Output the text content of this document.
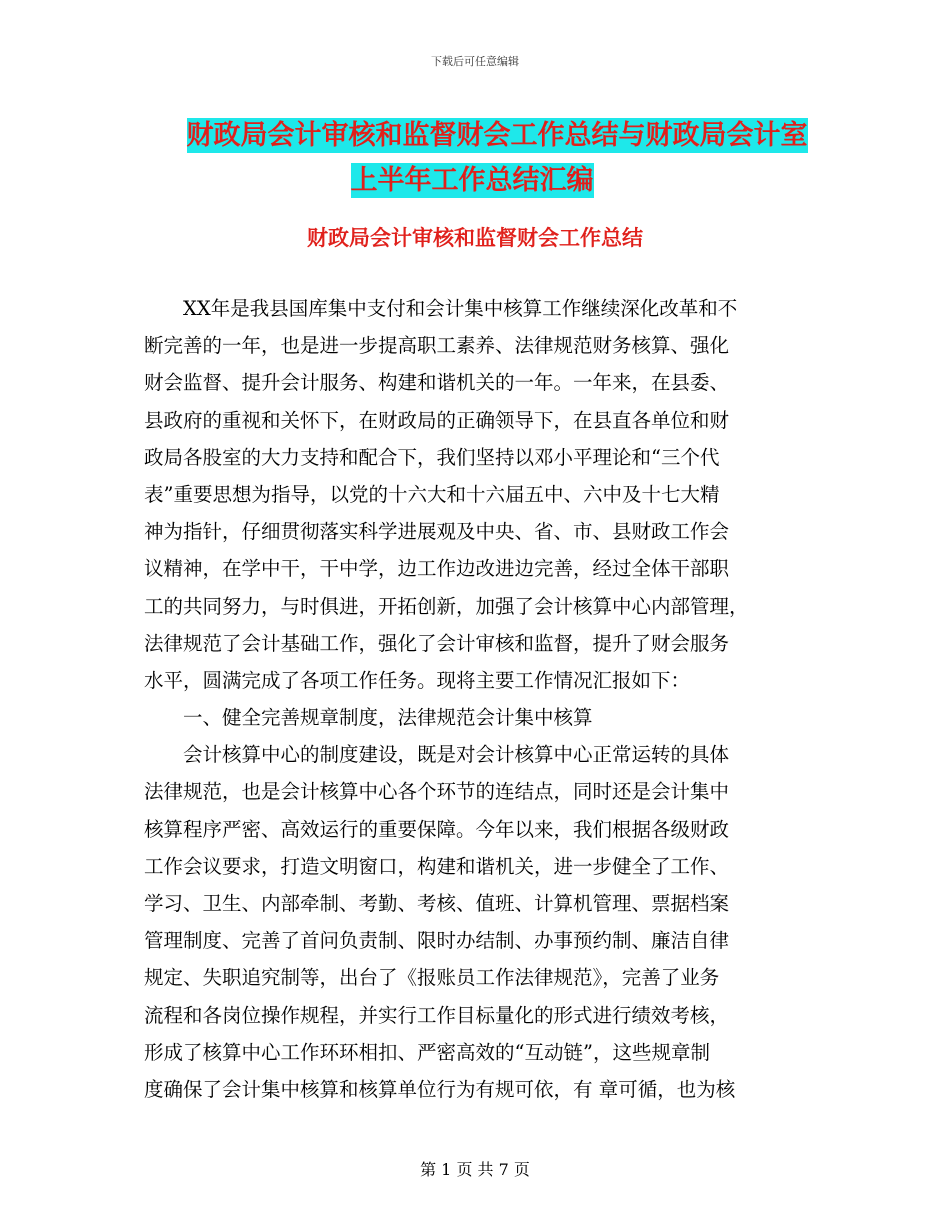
下载后可任意编辑
财政局会计审核和监督财会工作总结与财政局会计室
上半年工作总结汇编
财政局会计审核和监督财会工作总结
XX年是我县国库集中支付和会计集中核算工作继续深化改革和不
断完善的一年，也是进一步提高职工素养、法律规范财务核算、强化
财会监督、提升会计服务、构建和谐机关的一年。一年来，在县委、
县政府的重视和关怀下，在财政局的正确领导下，在县直各单位和财
政局各股室的大力支持和配合下，我们坚持以邓小平理论和“三个代
表”重要思想为指导，以党的十六大和十六届五中、六中及十七大精
神为指针，仔细贯彻落实科学进展观及中央、省、市、县财政工作会
议精神，在学中干，干中学，边工作边改进边完善，经过全体干部职
工的共同努力，与时俱进，开拓创新，加强了会计核算中心内部管理，
法律规范了会计基础工作，强化了会计审核和监督，提升了财会服务
水平，圆满完成了各项工作任务。现将主要工作情况汇报如下：
一、健全完善规章制度，法律规范会计集中核算
会计核算中心的制度建设，既是对会计核算中心正常运转的具体
法律规范，也是会计核算中心各个环节的连结点，同时还是会计集中
核算程序严密、高效运行的重要保障。今年以来，我们根据各级财政
工作会议要求，打造文明窗口，构建和谐机关，进一步健全了工作、
学习、卫生、内部牵制、考勤、考核、值班、计算机管理、票据档案
管理制度、完善了首问负责制、限时办结制、办事预约制、廉洁自律
规定、失职追究制等，出台了《报账员工作法律规范》，完善了业务
流程和各岗位操作规程，并实行工作目标量化的形式进行绩效考核，
形成了核算中心工作环环相扣、严密高效的“互动链”，这些规章制
度确保了会计集中核算和核算单位行为有规可依，有 章可循，也为核
第 1 页 共 7 页
